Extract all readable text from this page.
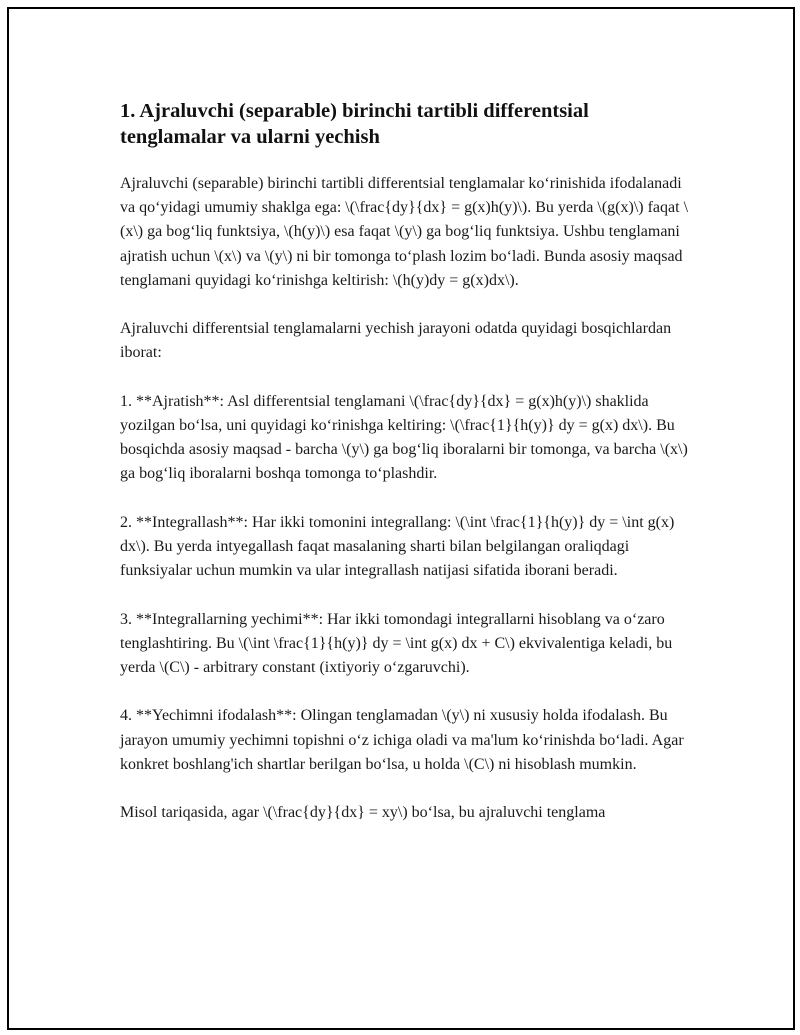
1. Ajraluvchi (separable) birinchi tartibli differentsial tenglamalar va ularni yechish

Ajraluvchi (separable) birinchi tartibli differentsial tenglamalar ko‘rinishida ifodalanadi va qo‘yidagi umumiy shaklga ega: \(\frac{dy}{dx} = g(x)h(y)\). Bu yerda \(g(x)\) faqat \(x\) ga bog‘liq funktsiya, \(h(y)\) esa faqat \(y\) ga bog‘liq funktsiya. Ushbu tenglamani ajratish uchun \(x\) va \(y\) ni bir tomonga to‘plash lozim bo‘ladi. Bunda asosiy maqsad tenglamani quyidagi ko‘rinishga keltirish: \(h(y)dy = g(x)dx\).

Ajraluvchi differentsial tenglamalarni yechish jarayoni odatda quyidagi bosqichlardan iborat:

1. **Ajratish**: Asl differentsial tenglamani \(\frac{dy}{dx} = g(x)h(y)\) shaklida yozilgan bo‘lsa, uni quyidagi ko‘rinishga keltiring: \(\frac{1}{h(y)} dy = g(x) dx\). Bu bosqichda asosiy maqsad - barcha \(y\) ga bog‘liq iboralarni bir tomonga, va barcha \(x\) ga bog‘liq iboralarni boshqa tomonga to‘plashdir.

2. **Integrallash**: Har ikki tomonini integrallang: \(\int \frac{1}{h(y)} dy = \int g(x) dx\). Bu yerda intyegallash faqat masalaning sharti bilan belgilangan oraliqdagi funksiyalar uchun mumkin va ular integrallash natijasi sifatida iborani beradi.

3. **Integrallarning yechimi**: Har ikki tomondagi integrallarni hisoblang va o‘zaro tenglashtiring. Bu \(\int \frac{1}{h(y)} dy = \int g(x) dx + C\) ekvivalentiga keladi, bu yerda \(C\) - arbitrary constant (ixtiyoriy o‘zgaruvchi).

4. **Yechimni ifodalash**: Olingan tenglamadan \(y\) ni xususiy holda ifodalash. Bu jarayon umumiy yechimni topishni o‘z ichiga oladi va ma'lum ko‘rinishda bo‘ladi. Agar konkret boshlang'ich shartlar berilgan bo‘lsa, u holda \(C\) ni hisoblash mumkin.

Misol tariqasida, agar \(\frac{dy}{dx} = xy\) bo‘lsa, bu ajraluvchi tenglama
